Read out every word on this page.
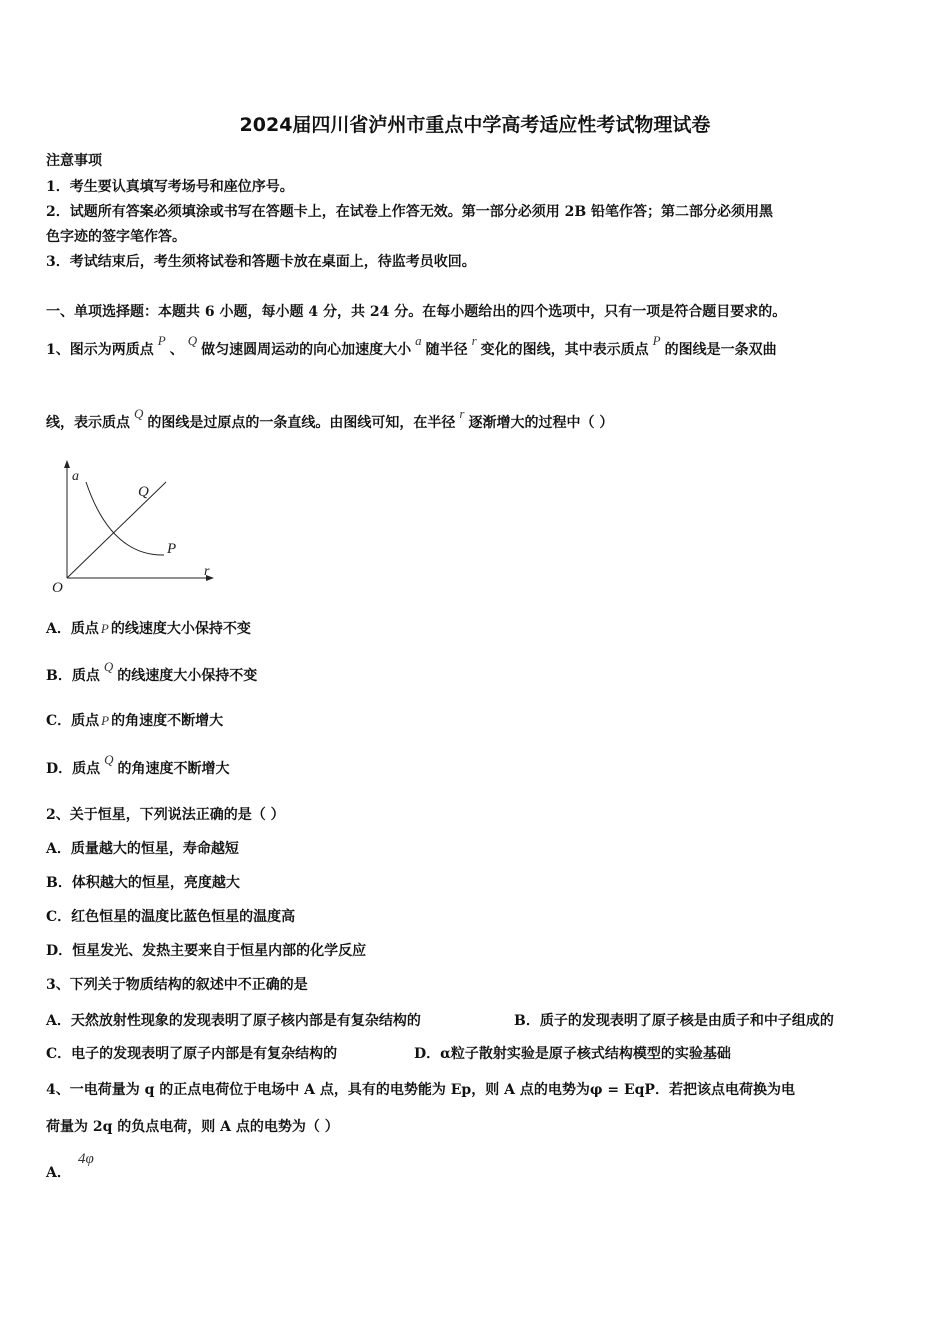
2024届四川省泸州市重点中学高考适应性考试物理试卷
注意事项
1．考生要认真填写考场号和座位序号。
2．试题所有答案必须填涂或书写在答题卡上，在试卷上作答无效。第一部分必须用 2B 铅笔作答；第二部分必须用黑
色字迹的签字笔作答。
3．考试结束后，考生须将试卷和答题卡放在桌面上，待监考员收回。
一、单项选择题：本题共 6 小题，每小题 4 分，共 24 分。在每小题给出的四个选项中，只有一项是符合题目要求的。
1、图示为两质点P、Q做匀速圆周运动的向心加速度大小a随半径r变化的图线，其中表示质点P的图线是一条双曲
线，表示质点Q的图线是过原点的一条直线。由图线可知，在半径r逐渐增大的过程中（ ）
a
r
O
Q
P
A．质点 P 的线速度大小保持不变
B．质点Q的线速度大小保持不变
C．质点 P 的角速度不断增大
D．质点Q的角速度不断增大
2、关于恒星，下列说法正确的是（ ）
A．质量越大的恒星，寿命越短
B．体积越大的恒星，亮度越大
C．红色恒星的温度比蓝色恒星的温度高
D．恒星发光、发热主要来自于恒星内部的化学反应
3、下列关于物质结构的叙述中不正确的是
A．天然放射性现象的发现表明了原子核内部是有复杂结构的	B．质子的发现表明了原子核是由质子和中子组成的
C．电子的发现表明了原子内部是有复杂结构的	D．α粒子散射实验是原子核式结构模型的实验基础
4、一电荷量为 q 的正点电荷位于电场中 A 点，具有的电势能为 Ep，则 A 点的电势为φ = EqP．若把该点电荷换为电
荷量为 2q 的负点电荷，则 A 点的电势为（ ）
A．
4φ
